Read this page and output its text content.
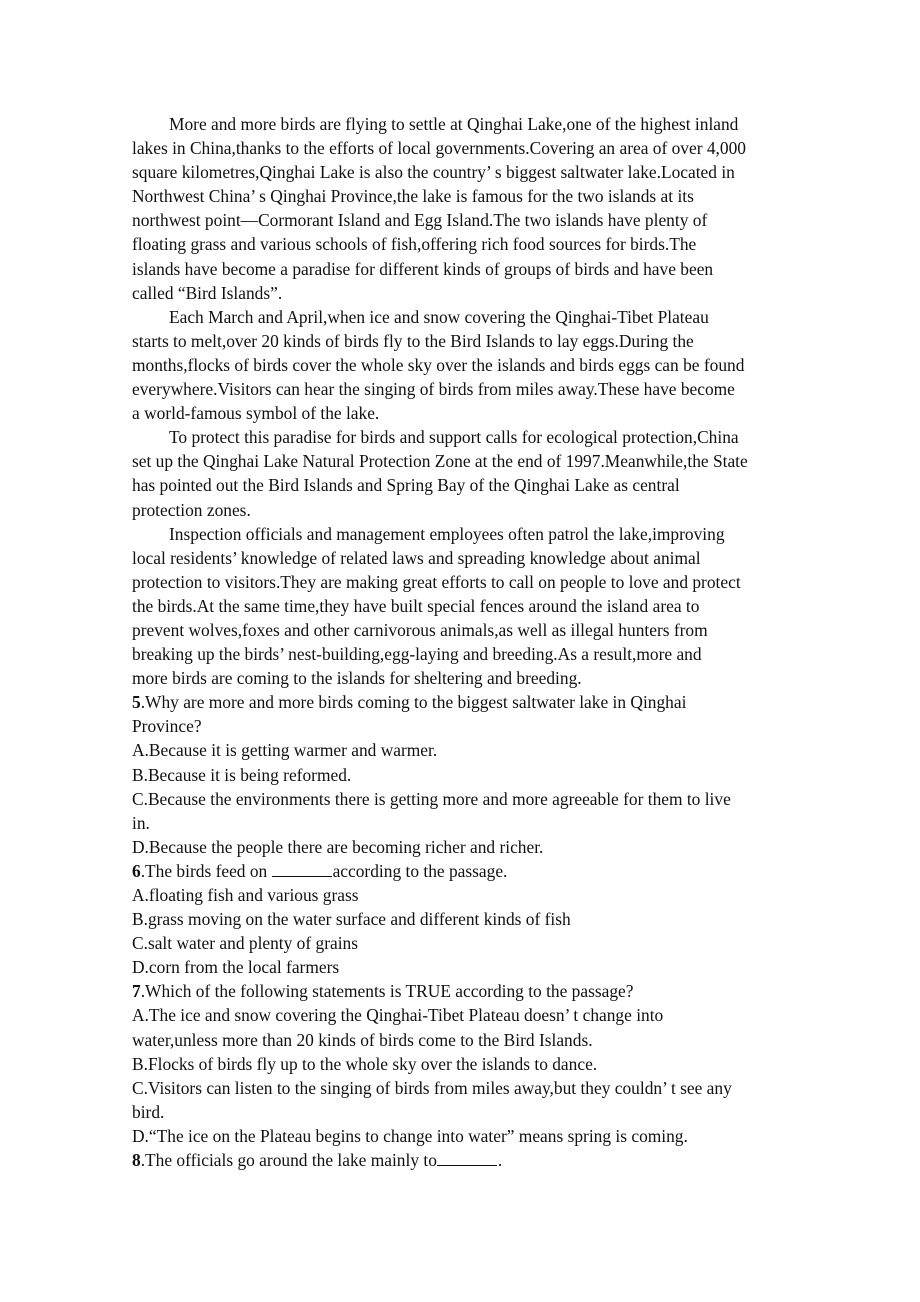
More and more birds are flying to settle at Qinghai Lake,one of the highest inland
lakes in China,thanks to the efforts of local governments.Covering an area of over 4,000
square kilometres,Qinghai Lake is also the country’ s biggest saltwater lake.Located in
Northwest China’ s Qinghai Province,the lake is famous for the two islands at its
northwest point—Cormorant Island and Egg Island.The two islands have plenty of
floating grass and various schools of fish,offering rich food sources for birds.The
islands have become a paradise for different kinds of groups of birds and have been
called “Bird Islands”.
Each March and April,when ice and snow covering the Qinghai-Tibet Plateau
starts to melt,over 20 kinds of birds fly to the Bird Islands to lay eggs.During the
months,flocks of birds cover the whole sky over the islands and birds eggs can be found
everywhere.Visitors can hear the singing of birds from miles away.These have become
a world-famous symbol of the lake.
To protect this paradise for birds and support calls for ecological protection,China
set up the Qinghai Lake Natural Protection Zone at the end of 1997.Meanwhile,the State
has pointed out the Bird Islands and Spring Bay of the Qinghai Lake as central
protection zones.
Inspection officials and management employees often patrol the lake,improving
local residents’ knowledge of related laws and spreading knowledge about animal
protection to visitors.They are making great efforts to call on people to love and protect
the birds.At the same time,they have built special fences around the island area to
prevent wolves,foxes and other carnivorous animals,as well as illegal hunters from
breaking up the birds’ nest-building,egg-laying and breeding.As a result,more and
more birds are coming to the islands for sheltering and breeding.
5.Why are more and more birds coming to the biggest saltwater lake in Qinghai
Province?
A.Because it is getting warmer and warmer.
B.Because it is being reformed.
C.Because the environments there is getting more and more agreeable for them to live
in.
D.Because the people there are becoming richer and richer.
6.The birds feed on	according to the passage.
A.floating fish and various grass
B.grass moving on the water surface and different kinds of fish
C.salt water and plenty of grains
D.corn from the local farmers
7.Which of the following statements is TRUE according to the passage?
A.The ice and snow covering the Qinghai-Tibet Plateau doesn’ t change into
water,unless more than 20 kinds of birds come to the Bird Islands.
B.Flocks of birds fly up to the whole sky over the islands to dance.
C.Visitors can listen to the singing of birds from miles away,but they couldn’ t see any
bird.
D.“The ice on the Plateau begins to change into water” means spring is coming.
8.The officials go around the lake mainly to	.
